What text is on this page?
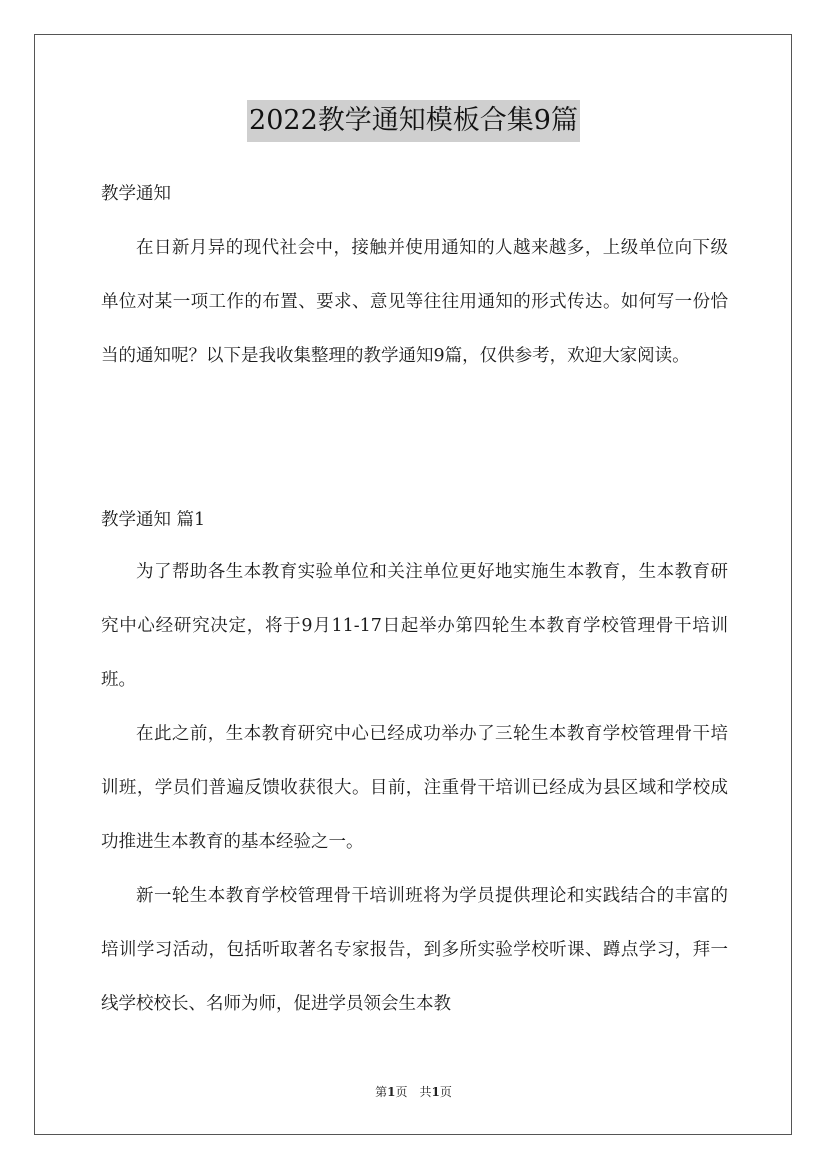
2022教学通知模板合集9篇
教学通知

在日新月异的现代社会中，接触并使用通知的人越来越多，上级单位向下级单位对某一项工作的布置、要求、意见等往往用通知的形式传达。如何写一份恰当的通知呢？以下是我收集整理的教学通知9篇，仅供参考，欢迎大家阅读。

教学通知 篇1

为了帮助各生本教育实验单位和关注单位更好地实施生本教育，生本教育研究中心经研究决定，将于9月11-17日起举办第四轮生本教育学校管理骨干培训班。

在此之前，生本教育研究中心已经成功举办了三轮生本教育学校管理骨干培训班，学员们普遍反馈收获很大。目前，注重骨干培训已经成为县区域和学校成功推进生本教育的基本经验之一。

新一轮生本教育学校管理骨干培训班将为学员提供理论和实践结合的丰富的培训学习活动，包括听取著名专家报告，到多所实验学校听课、蹲点学习，拜一线学校校长、名师为师，促进学员领会生本教

第1页　共1页
